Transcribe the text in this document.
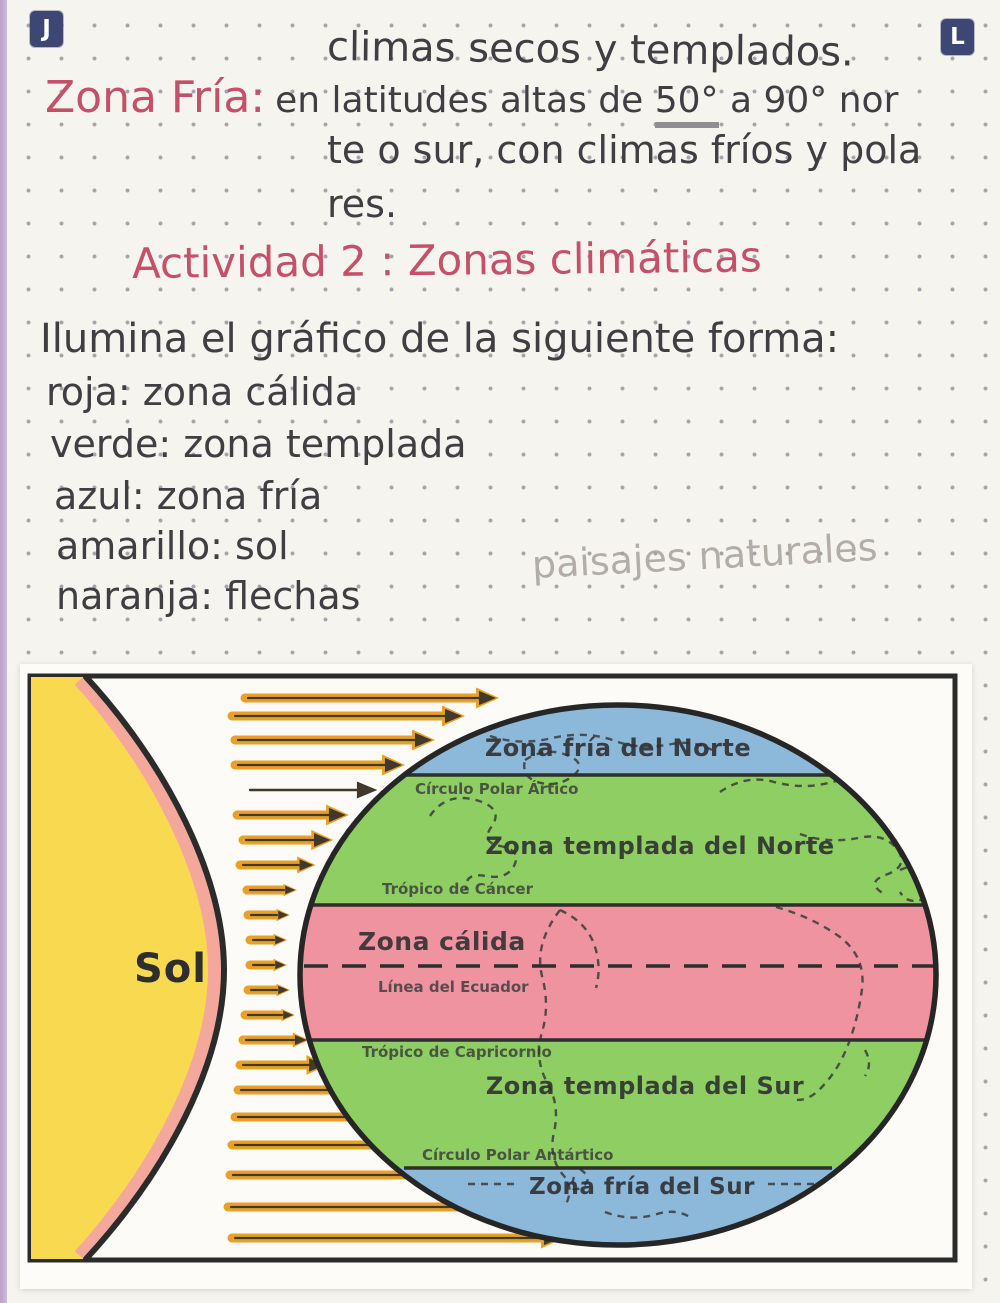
J	L
climas secos y templados.
Zona Fría: en latitudes altas de 50° a 90° nor
te o sur, con climas fríos y pola
res.
Actividad 2 : Zonas climáticas
Ilumina el gráfico de la siguiente forma:
roja: zona cálida
verde: zona templada
azul: zona fría
amarillo: sol
naranja: flechas
paisajes naturales
Sol
Zona fría del Norte
Círculo Polar Ártico
Zona templada del Norte
Trópico de Cáncer
Zona cálida
Línea del Ecuador
Trópico de Capricornio
Zona templada del Sur
Círculo Polar Antártico
Zona fría del Sur
